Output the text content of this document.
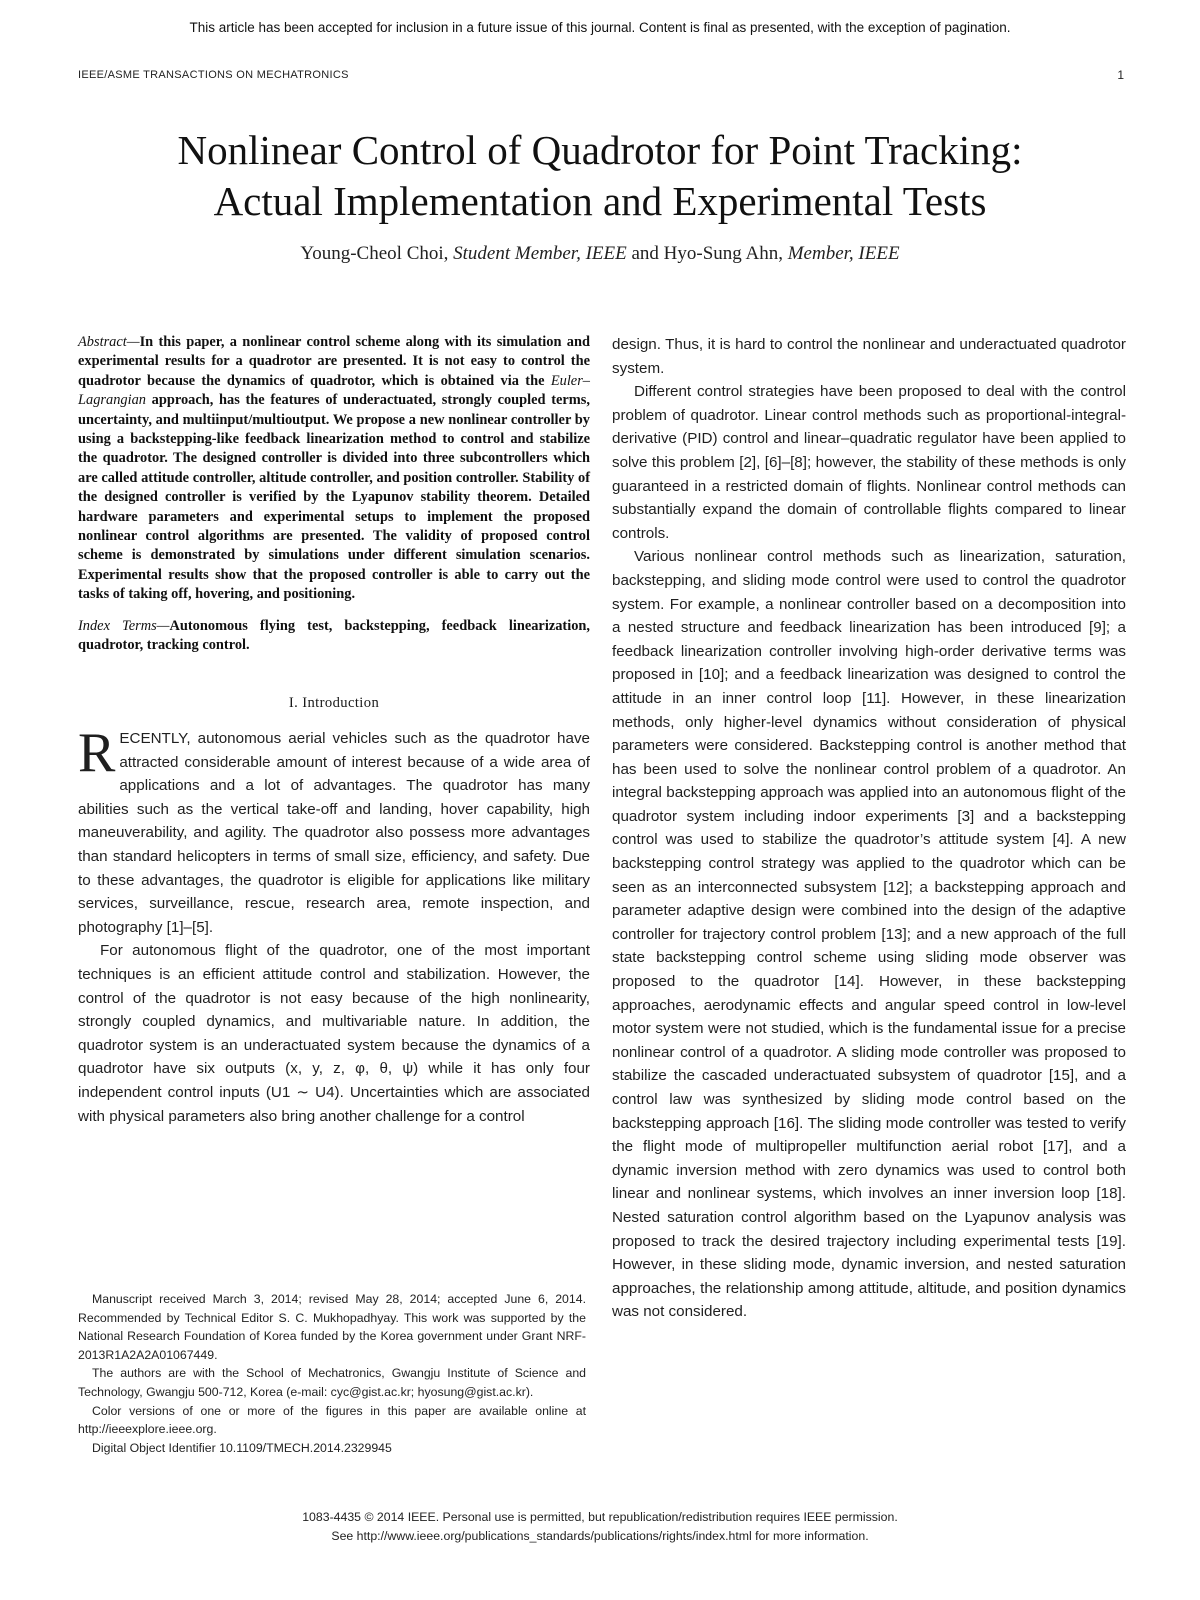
This article has been accepted for inclusion in a future issue of this journal. Content is final as presented, with the exception of pagination.
IEEE/ASME TRANSACTIONS ON MECHATRONICS	1
Nonlinear Control of Quadrotor for Point Tracking:
Actual Implementation and Experimental Tests
Young-Cheol Choi, Student Member, IEEE and Hyo-Sung Ahn, Member, IEEE
Abstract—In this paper, a nonlinear control scheme along with its simulation and experimental results for a quadrotor are presented. It is not easy to control the quadrotor because the dynamics of quadrotor, which is obtained via the Euler–Lagrangian approach, has the features of underactuated, strongly coupled terms, uncertainty, and multiinput/multioutput. We propose a new nonlinear controller by using a backstepping-like feedback linearization method to control and stabilize the quadrotor. The designed controller is divided into three subcontrollers which are called attitude controller, altitude controller, and position controller. Stability of the designed controller is verified by the Lyapunov stability theorem. Detailed hardware parameters and experimental setups to implement the proposed nonlinear control algorithms are presented. The validity of proposed control scheme is demonstrated by simulations under different simulation scenarios. Experimental results show that the proposed controller is able to carry out the tasks of taking off, hovering, and positioning.
Index Terms—Autonomous flying test, backstepping, feedback linearization, quadrotor, tracking control.
I. Introduction

RECENTLY, autonomous aerial vehicles such as the quadrotor have attracted considerable amount of interest because of a wide area of applications and a lot of advantages. The quadrotor has many abilities such as the vertical take-off and landing, hover capability, high maneuverability, and agility. The quadrotor also possess more advantages than standard helicopters in terms of small size, efficiency, and safety. Due to these advantages, the quadrotor is eligible for applications like military services, surveillance, rescue, research area, remote inspection, and photography [1]–[5].

For autonomous flight of the quadrotor, one of the most important techniques is an efficient attitude control and stabilization. However, the control of the quadrotor is not easy because of the high nonlinearity, strongly coupled dynamics, and multivariable nature. In addition, the quadrotor system is an underactuated system because the dynamics of a quadrotor have six outputs (x, y, z, φ, θ, ψ) while it has only four independent control inputs (U1 ∼ U4). Uncertainties which are associated with physical parameters also bring another challenge for a control

design. Thus, it is hard to control the nonlinear and underactuated quadrotor system.

Different control strategies have been proposed to deal with the control problem of quadrotor. Linear control methods such as proportional-integral-derivative (PID) control and linear–quadratic regulator have been applied to solve this problem [2], [6]–[8]; however, the stability of these methods is only guaranteed in a restricted domain of flights. Nonlinear control methods can substantially expand the domain of controllable flights compared to linear controls.

Various nonlinear control methods such as linearization, saturation, backstepping, and sliding mode control were used to control the quadrotor system. For example, a nonlinear controller based on a decomposition into a nested structure and feedback linearization has been introduced [9]; a feedback linearization controller involving high-order derivative terms was proposed in [10]; and a feedback linearization was designed to control the attitude in an inner control loop [11]. However, in these linearization methods, only higher-level dynamics without consideration of physical parameters were considered. Backstepping control is another method that has been used to solve the nonlinear control problem of a quadrotor. An integral backstepping approach was applied into an autonomous flight of the quadrotor system including indoor experiments [3] and a backstepping control was used to stabilize the quadrotor’s attitude system [4]. A new backstepping control strategy was applied to the quadrotor which can be seen as an interconnected subsystem [12]; a backstepping approach and parameter adaptive design were combined into the design of the adaptive controller for trajectory control problem [13]; and a new approach of the full state backstepping control scheme using sliding mode observer was proposed to the quadrotor [14]. However, in these backstepping approaches, aerodynamic effects and angular speed control in low-level motor system were not studied, which is the fundamental issue for a precise nonlinear control of a quadrotor. A sliding mode controller was proposed to stabilize the cascaded underactuated subsystem of quadrotor [15], and a control law was synthesized by sliding mode control based on the backstepping approach [16]. The sliding mode controller was tested to verify the flight mode of multipropeller multifunction aerial robot [17], and a dynamic inversion method with zero dynamics was used to control both linear and nonlinear systems, which involves an inner inversion loop [18]. Nested saturation control algorithm based on the Lyapunov analysis was proposed to track the desired trajectory including experimental tests [19]. However, in these sliding mode, dynamic inversion, and nested saturation approaches, the relationship among attitude, altitude, and position dynamics was not considered.

Manuscript received March 3, 2014; revised May 28, 2014; accepted June 6, 2014. Recommended by Technical Editor S. C. Mukhopadhyay. This work was supported by the National Research Foundation of Korea funded by the Korea government under Grant NRF-2013R1A2A2A01067449.

The authors are with the School of Mechatronics, Gwangju Institute of Science and Technology, Gwangju 500-712, Korea (e-mail: cyc@gist.ac.kr; hyosung@gist.ac.kr).

Color versions of one or more of the figures in this paper are available online at http://ieeexplore.ieee.org.

Digital Object Identifier 10.1109/TMECH.2014.2329945

1083-4435 © 2014 IEEE. Personal use is permitted, but republication/redistribution requires IEEE permission.
See http://www.ieee.org/publications_standards/publications/rights/index.html for more information.
